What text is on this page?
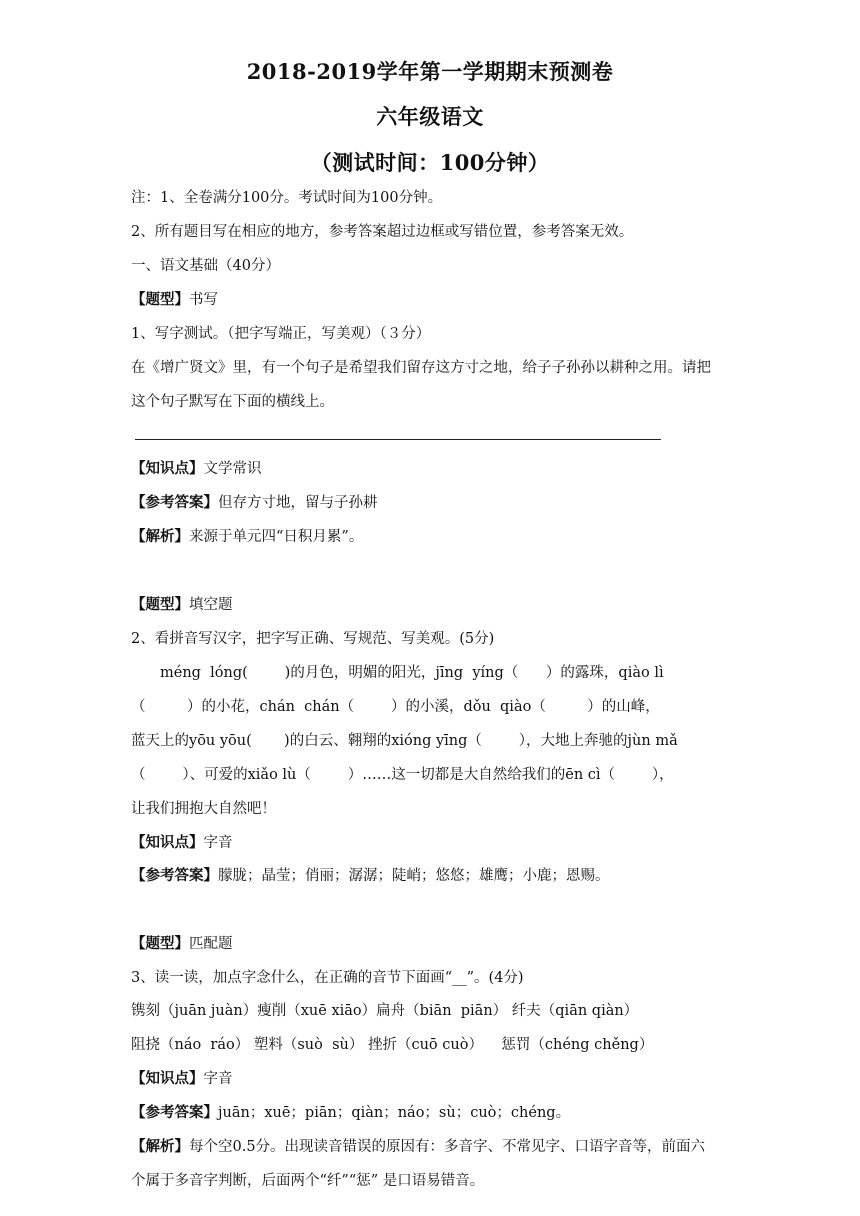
2018-2019学年第一学期期末预测卷
六年级语文
（测试时间：100分钟）
注：1、全卷满分100分。考试时间为100分钟。
2、所有题目写在相应的地方，参考答案超过边框或写错位置，参考答案无效。
一、语文基础（40分）
【题型】书写
1、写字测试。（把字写端正，写美观）（３分）
在《增广贤文》里，有一个句子是希望我们留存这方寸之地，给子子孙孙以耕种之用。请把
这个句子默写在下面的横线上。
【知识点】文学常识
【参考答案】但存方寸地，留与子孙耕
【解析】来源于单元四“日积月累”。
【题型】填空题
2、看拼音写汉字，把字写正确、写规范、写美观。(5分)
méng  lóng(        )的月色，明媚的阳光，jīng  yíng（      ）的露珠，qiào lì
（         ）的小花，chán  chán（        ）的小溪，dǒu  qiào（         ）的山峰，
蓝天上的yōu yōu(       )的白云、翱翔的xióng yīng（        ），大地上奔驰的jùn mǎ
（        ）、可爱的xiǎo lù（        ）……这一切都是大自然给我们的ēn cì（        ），
让我们拥抱大自然吧！
【知识点】字音
【参考答案】朦胧；晶莹；俏丽；潺潺；陡峭；悠悠；雄鹰；小鹿；恩赐。
【题型】匹配题
3、读一读，加点字念什么，在正确的音节下面画“__”。(4分)
镌刻（juān juàn）瘦削（xuē xiāo）扁舟（biān  piān） 纤夫（qiān qiàn）
阻挠（náo  ráo） 塑料（suò  sù） 挫折（cuō cuò）    惩罚（chéng chěng）
【知识点】字音
【参考答案】juān；xuē；piān；qiàn；náo；sù；cuò；chéng。
【解析】每个空0.5分。出现读音错误的原因有：多音字、不常见字、口语字音等，前面六
个属于多音字判断，后面两个“纤”“惩” 是口语易错音。
